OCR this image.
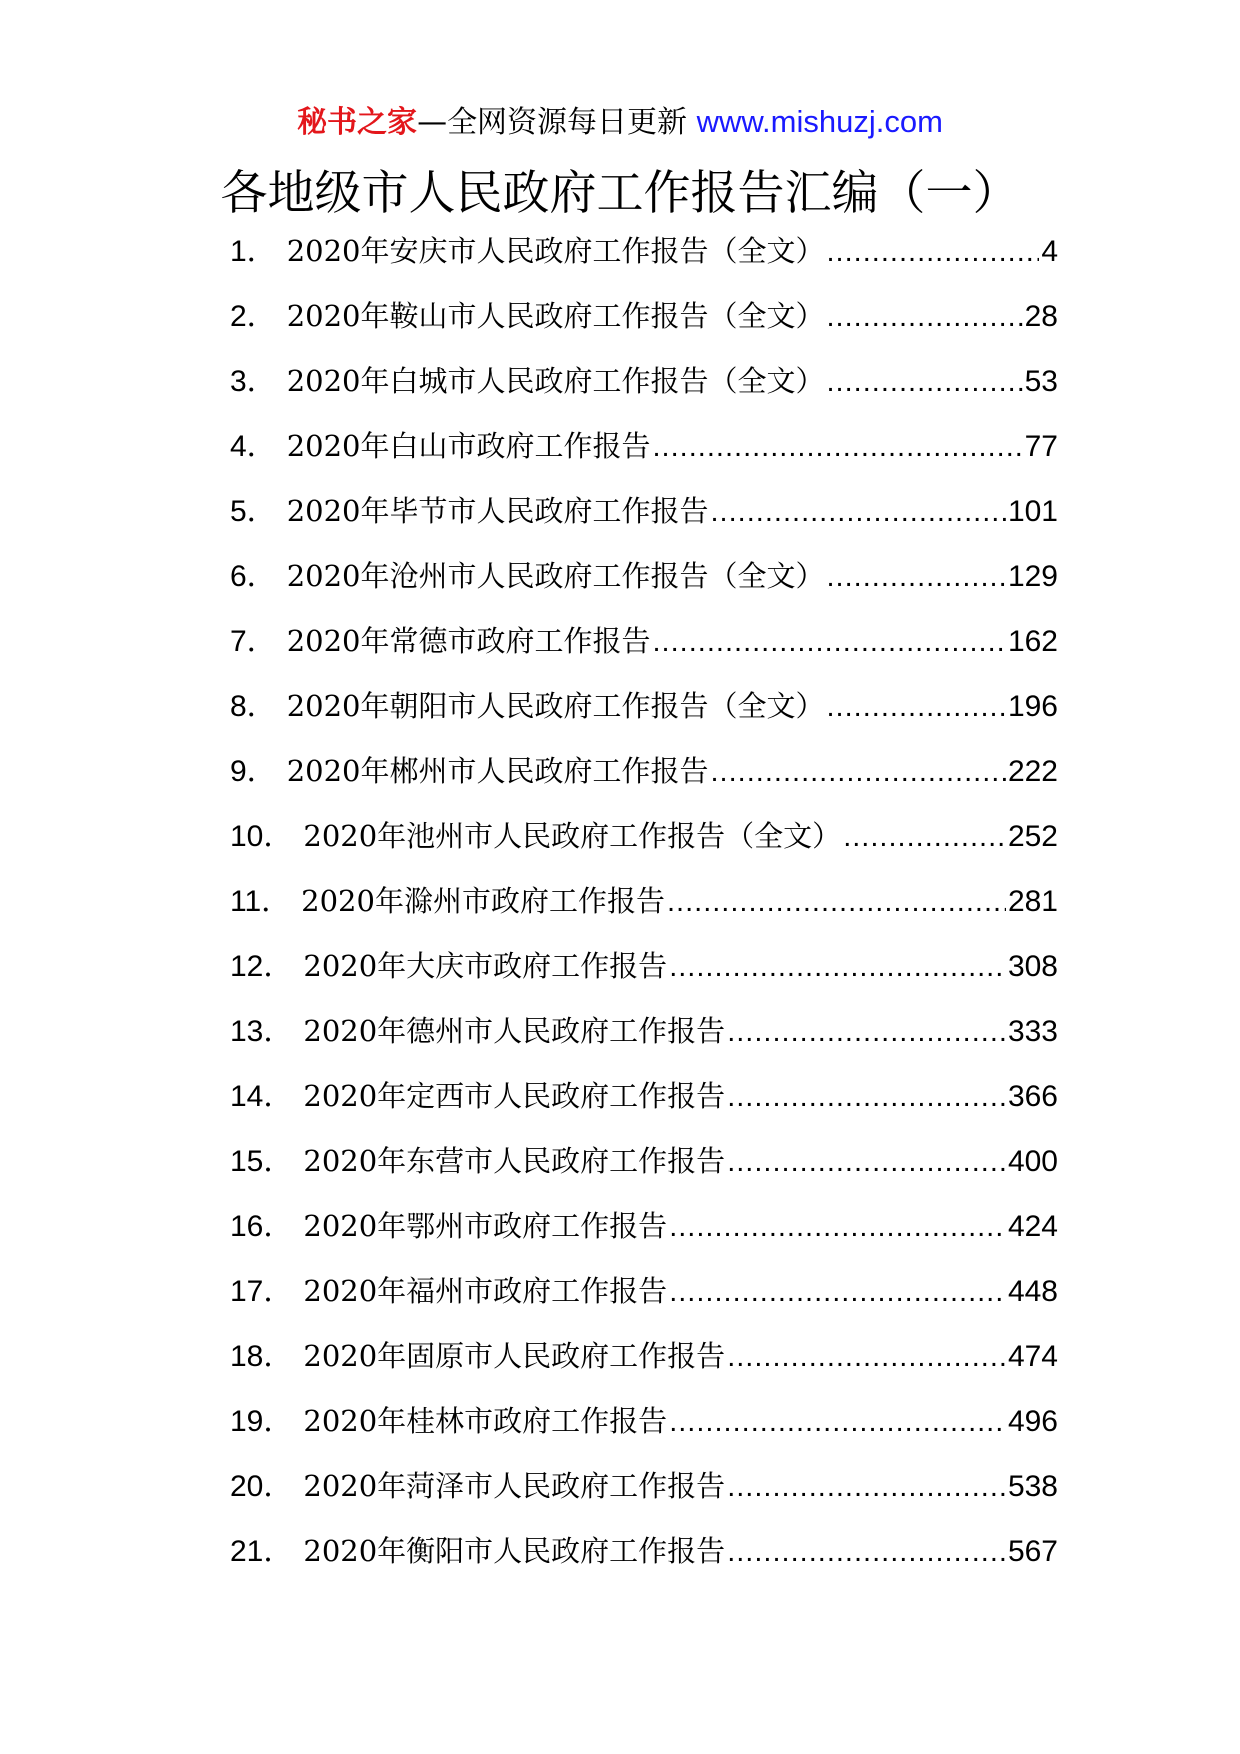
秘书之家—全网资源每日更新 www.mishuzj.com
各地级市人民政府工作报告汇编（一）
1． 2020年安庆市人民政府工作报告（全文） .....	4
2． 2020年鞍山市人民政府工作报告（全文） .....	28
3． 2020年白城市人民政府工作报告（全文） .....	53
4． 2020年白山市政府工作报告 .....	77
5． 2020年毕节市人民政府工作报告 .....	101
6． 2020年沧州市人民政府工作报告（全文） .....	129
7． 2020年常德市政府工作报告 .....	162
8． 2020年朝阳市人民政府工作报告（全文） .....	196
9． 2020年郴州市人民政府工作报告 .....	222
10． 2020年池州市人民政府工作报告（全文） .....	252
11． 2020年滁州市政府工作报告 .....	281
12． 2020年大庆市政府工作报告 .....	308
13． 2020年德州市人民政府工作报告 .....	333
14． 2020年定西市人民政府工作报告 .....	366
15． 2020年东营市人民政府工作报告 .....	400
16． 2020年鄂州市政府工作报告 .....	424
17． 2020年福州市政府工作报告 .....	448
18． 2020年固原市人民政府工作报告 .....	474
19． 2020年桂林市政府工作报告 .....	496
20． 2020年菏泽市人民政府工作报告 .....	538
21． 2020年衡阳市人民政府工作报告 .....	567
